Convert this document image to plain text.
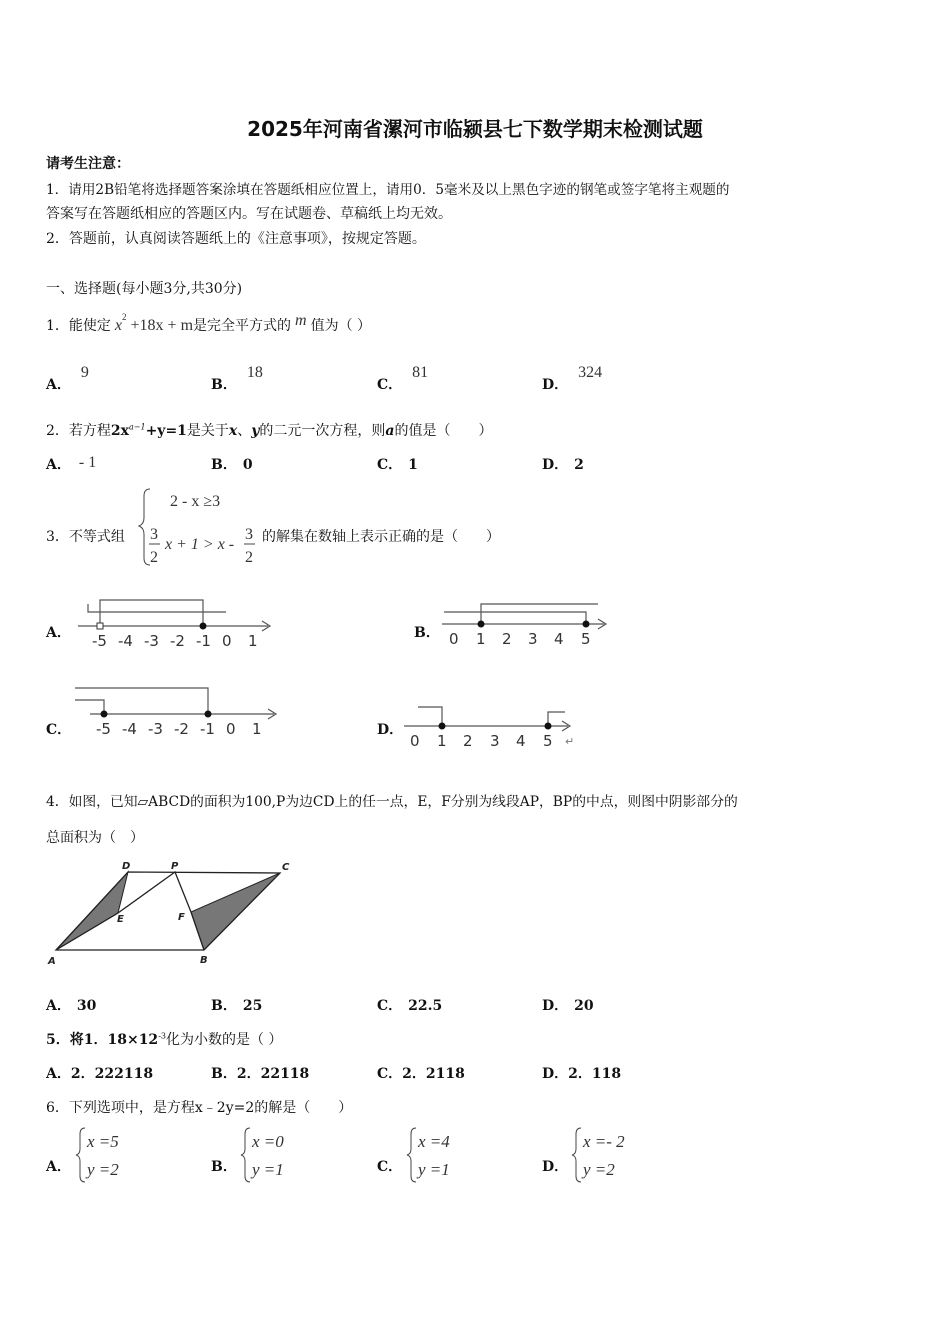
2025年河南省漯河市临颍县七下数学期末检测试题
请考生注意：
1．请用2B铅笔将选择题答案涂填在答题纸相应位置上，请用0．5毫米及以上黑色字迹的钢笔或签字笔将主观题的
答案写在答题纸相应的答题区内。写在试题卷、草稿纸上均无效。
2．答题前，认真阅读答题纸上的《注意事项》，按规定答题。
一、选择题(每小题3分,共30分)
1．能使定 $x^2 +18x + m$是完全平方式的 m 值为（ ）
A．9
B．18
C．81
D．324
2．若方程$2x^{a-1}+y=1$是关于x、y的二元一次方程，则a的值是（　　）
A． - 1	B． 0	C． 1	D． 2
3．不等式组
2 - x ≥3
3
2
x + 1 > x -
3
2
的解集在数轴上表示正确的是（　　）
A． -5 -4 -3 -2 -1 0 1	B． 0 1 2 3 4 5
C． -5 -4 -3 -2 -1 0 1	D．
0 1 2 3 4 5 ↵
4．如图，已知▱ABCD的面积为100,P为边CD上的任一点，E，F分别为线段AP，BP的中点，则图中阴影部分的
总面积为（　）
A	B
C
D	P
E	F
A． 30	B． 25	C． 22.5	D． 20
5．将1．$18\times 12^{-3}$化为小数的是（ ）
A．2．222118	B．2．22118	C．2．2118	D．2．118
6．下列选项中，是方程x﹣2y=2的解是（　　）
A．
x =5
y =2	B．
x =0
y =1	C．
x =4
y =1	D．
x =- 2
y =2
